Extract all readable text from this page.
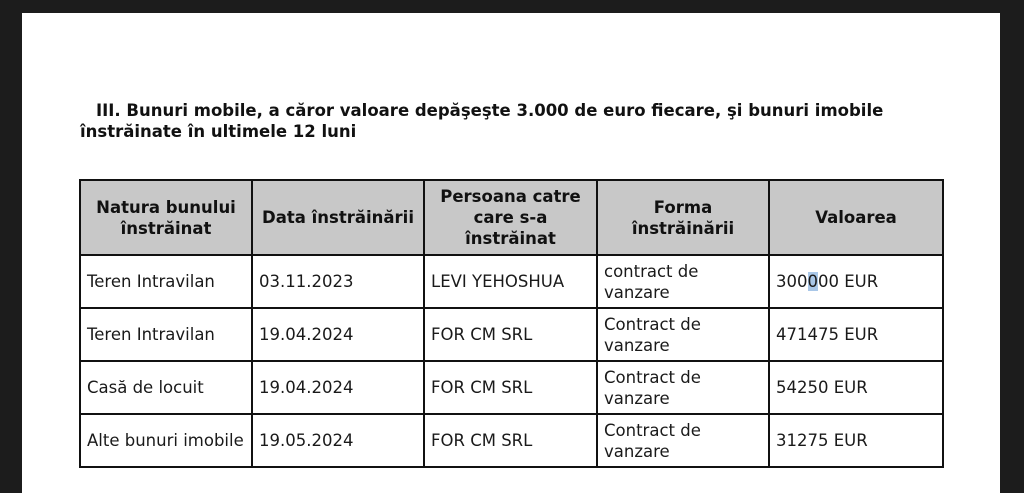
III. Bunuri mobile, a căror valoare depăşeşte 3.000 de euro fiecare, şi bunuri imobile înstrăinate în ultimele 12 luni

Natura bunului înstrăinat	Data înstrăinării	Persoana catre care s-a înstrăinat	Forma înstrăinării	Valoarea
Teren Intravilan	03.11.2023	LEVI YEHOSHUA	contract de vanzare	300000 EUR
Teren Intravilan	19.04.2024	FOR CM SRL	Contract de vanzare	471475 EUR
Casă de locuit	19.04.2024	FOR CM SRL	Contract de vanzare	54250 EUR
Alte bunuri imobile	19.05.2024	FOR CM SRL	Contract de vanzare	31275 EUR
